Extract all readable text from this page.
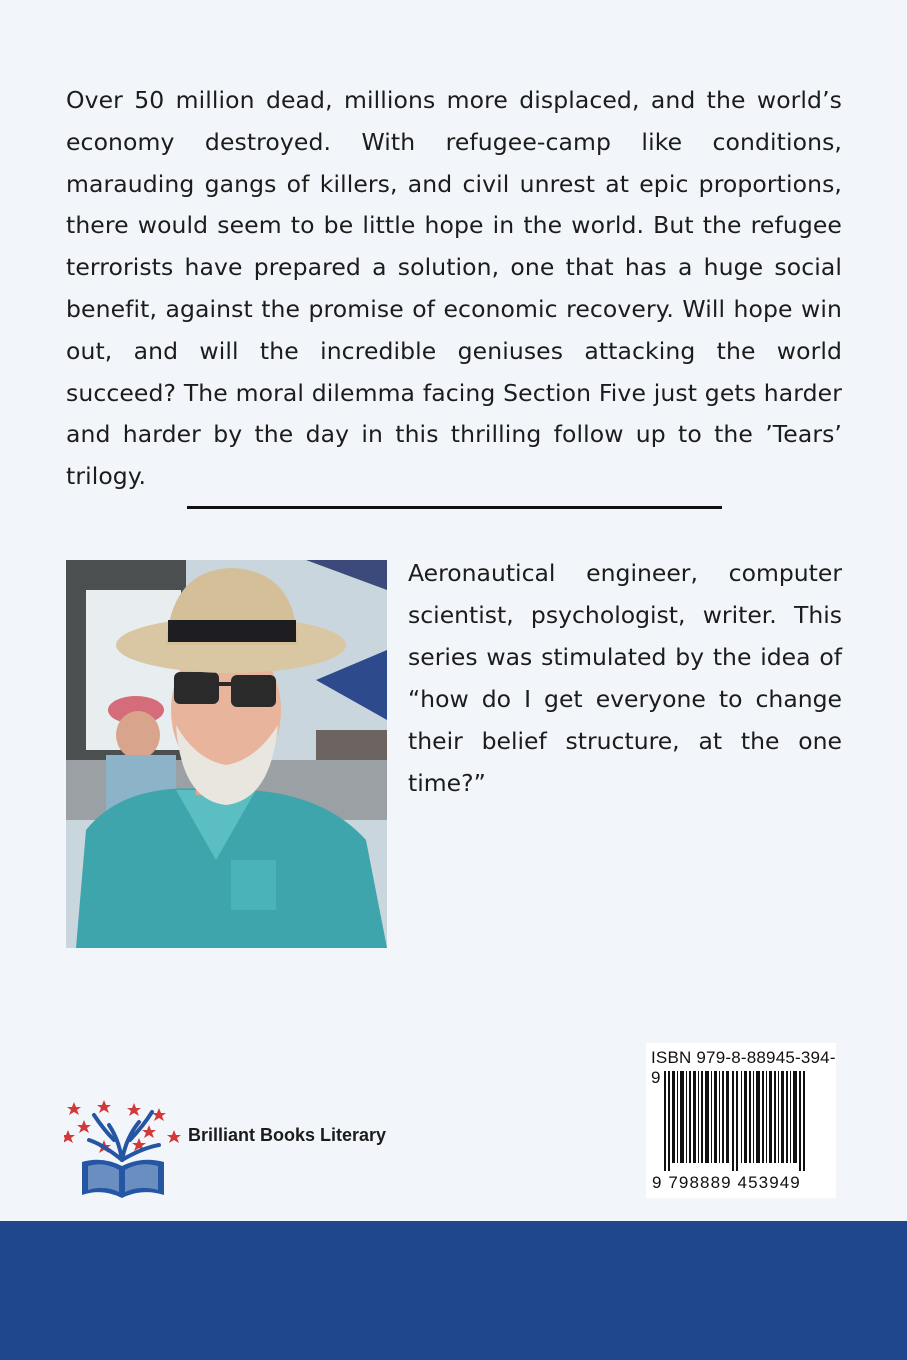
Over 50 million dead, millions more displaced, and the world’s economy destroyed. With refugee-camp like conditions, marauding gangs of killers, and civil unrest at epic proportions, there would seem to be little hope in the world. But the refugee terrorists have prepared a solution, one that has a huge social benefit, against the promise of economic recovery. Will hope win out, and will the incredible geniuses attacking the world succeed? The moral dilemma facing Section Five just gets harder and harder by the day in this thrilling follow up to the ’Tears’ trilogy.

Aeronautical engineer, computer scientist, psychologist, writer. This series was stimulated by the idea of “how do I get everyone to change their belief structure, at the one time?”

Brilliant Books Literary
ISBN 979-8-88945-394-9
9 798889 453949
